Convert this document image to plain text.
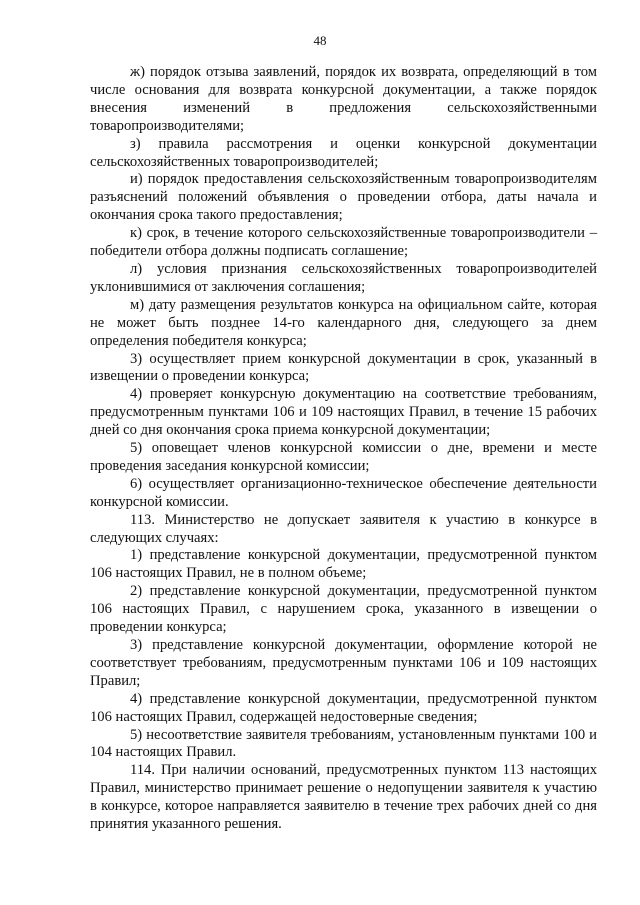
48

ж) порядок отзыва заявлений, порядок их возврата, определяющий в том числе основания для возврата конкурсной документации, а также порядок внесения изменений в предложения сельскохозяйственными товаропроизводителями;

з) правила рассмотрения и оценки конкурсной документации сельскохозяйственных товаропроизводителей;

и) порядок предоставления сельскохозяйственным товаропроизводителям разъяснений положений объявления о проведении отбора, даты начала и окончания срока такого предоставления;

к) срок, в течение которого сельскохозяйственные товаропроизводители – победители отбора должны подписать соглашение;

л) условия признания сельскохозяйственных товаропроизводителей уклонившимися от заключения соглашения;

м) дату размещения результатов конкурса на официальном сайте, которая не может быть позднее 14-го календарного дня, следующего за днем определения победителя конкурса;

3) осуществляет прием конкурсной документации в срок, указанный в извещении о проведении конкурса;

4) проверяет конкурсную документацию на соответствие требованиям, предусмотренным пунктами 106 и 109 настоящих Правил, в течение 15 рабочих дней со дня окончания срока приема конкурсной документации;

5) оповещает членов конкурсной комиссии о дне, времени и месте проведения заседания конкурсной комиссии;

6) осуществляет организационно-техническое обеспечение деятельности конкурсной комиссии.

113. Министерство не допускает заявителя к участию в конкурсе в следующих случаях:

1) представление конкурсной документации, предусмотренной пунктом 106 настоящих Правил, не в полном объеме;

2) представление конкурсной документации, предусмотренной пунктом 106 настоящих Правил, с нарушением срока, указанного в извещении о проведении конкурса;

3) представление конкурсной документации, оформление которой не соответствует требованиям, предусмотренным пунктами 106 и 109 настоящих Правил;

4) представление конкурсной документации, предусмотренной пунктом 106 настоящих Правил, содержащей недостоверные сведения;

5) несоответствие заявителя требованиям, установленным пунктами 100 и 104 настоящих Правил.

114. При наличии оснований, предусмотренных пунктом 113 настоящих Правил, министерство принимает решение о недопущении заявителя к участию в конкурсе, которое направляется заявителю в течение трех рабочих дней со дня принятия указанного решения.
